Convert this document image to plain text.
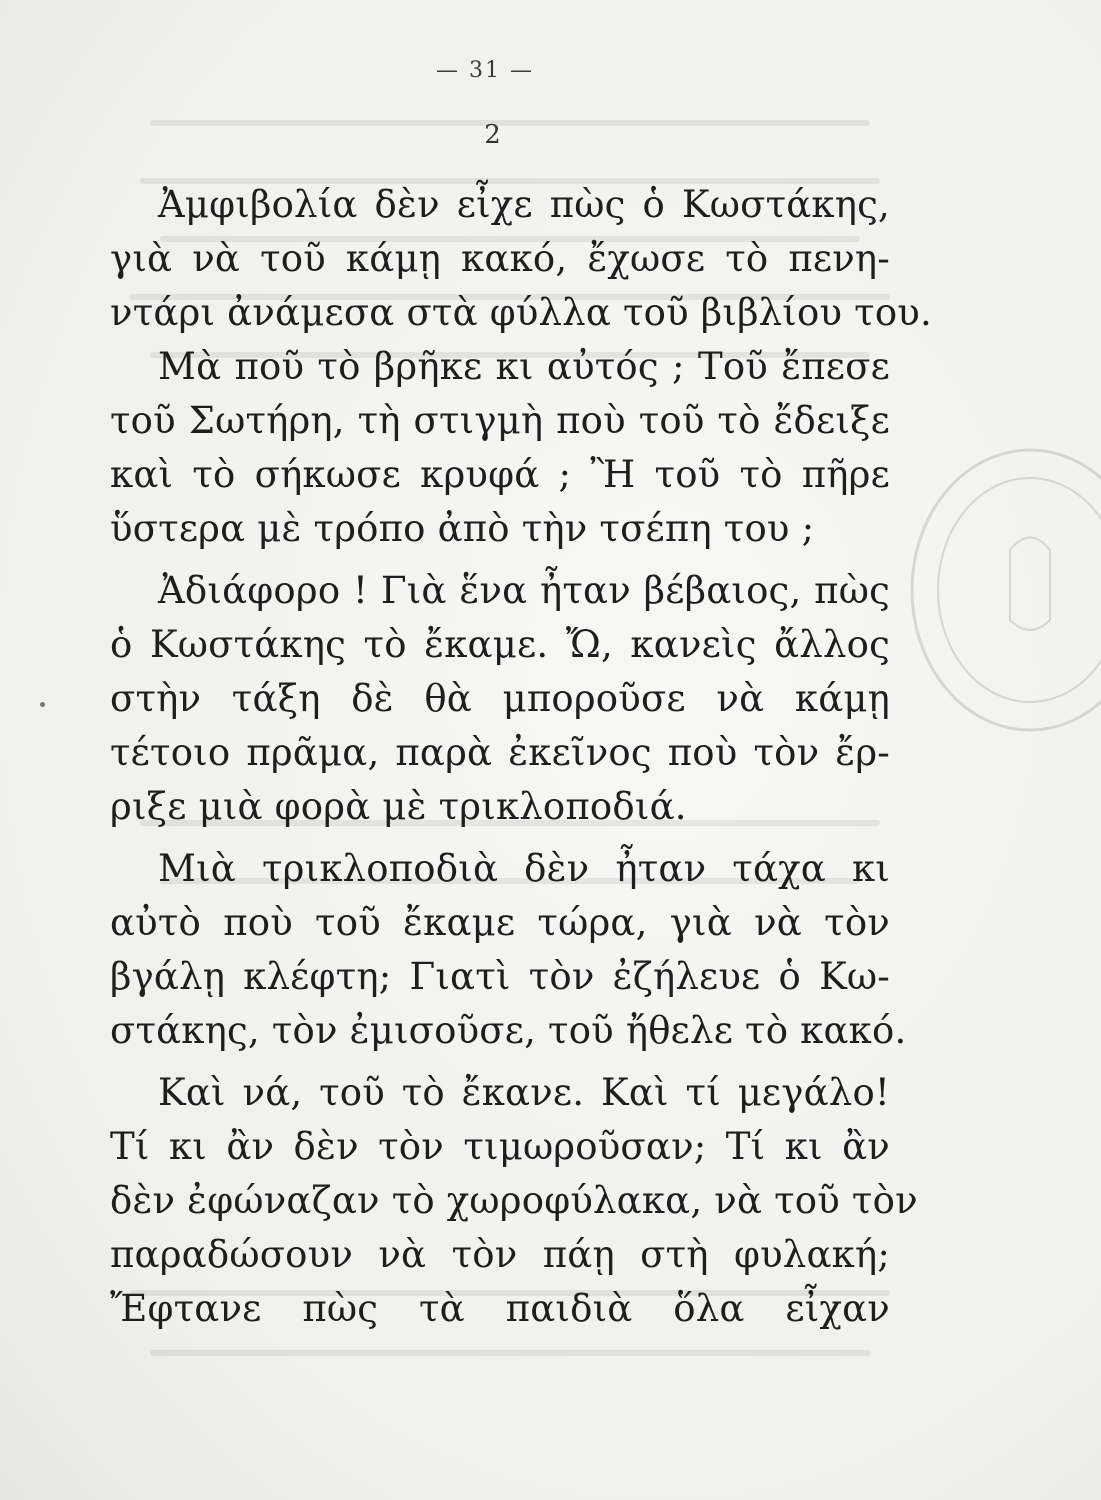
— 31 —
2
Ἀμφιβολία δὲν εἶχε πὼς ὁ Κωστάκης,
γιὰ νὰ τοῦ κάμῃ κακό, ἔχωσε τὸ πενη-
ντάρι ἀνάμεσα στὰ φύλλα τοῦ βιβλίου του.
Μὰ ποῦ τὸ βρῆκε κι αὐτός ; Τοῦ ἔπεσε
τοῦ Σωτήρη, τὴ στιγμὴ ποὺ τοῦ τὸ ἔδειξε
καὶ τὸ σήκωσε κρυφά ; Ἢ τοῦ τὸ πῆρε
ὕστερα μὲ τρόπο ἀπὸ τὴν τσέπη του ;
Ἀδιάφορο ! Γιὰ ἕνα ἦταν βέβαιος, πὼς
ὁ Κωστάκης τὸ ἔκαμε. Ὤ, κανεὶς ἄλλος
στὴν τάξη δὲ θὰ μποροῦσε νὰ κάμῃ
τέτοιο πρᾶμα, παρὰ ἐκεῖνος ποὺ τὸν ἔρ-
ριξε μιὰ φορὰ μὲ τρικλοποδιά.
Μιὰ τρικλοποδιὰ δὲν ἦταν τάχα κι
αὐτὸ ποὺ τοῦ ἔκαμε τώρα, γιὰ νὰ τὸν
βγάλῃ κλέφτη; Γιατὶ τὸν ἐζήλευε ὁ Κω-
στάκης, τὸν ἐμισοῦσε, τοῦ ἤθελε τὸ κακό.
Καὶ νά, τοῦ τὸ ἔκανε. Καὶ τί μεγάλο!
Τί κι ἂν δὲν τὸν τιμωροῦσαν; Τί κι ἂν
δὲν ἐφώναζαν τὸ χωροφύλακα, νὰ τοῦ τὸν
παραδώσουν νὰ τὸν πάῃ στὴ φυλακή;
Ἔφτανε πὼς τὰ παιδιὰ ὅλα εἶχαν
